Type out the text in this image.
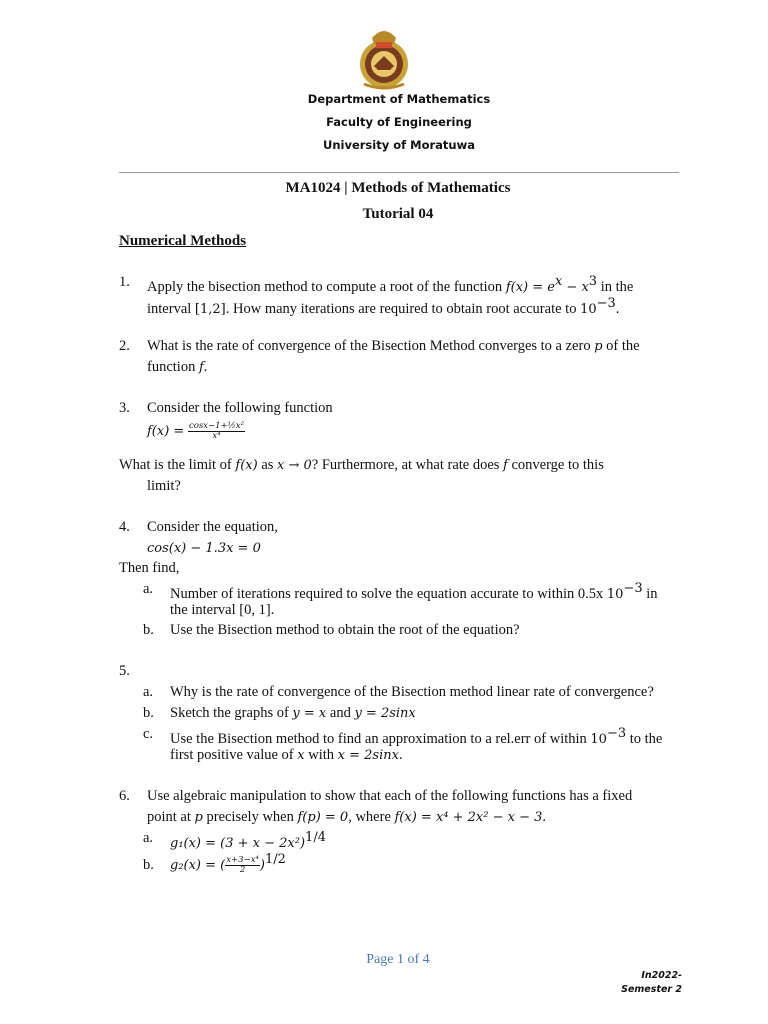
Department of Mathematics
Faculty of Engineering
University of Moratuwa
MA1024 | Methods of Mathematics
Tutorial 04
Numerical Methods
1. Apply the bisection method to compute a root of the function $f(x) = e^x - x^3$ in the
interval [1,2]. How many iterations are required to obtain root accurate to $10^{-3}$.
2. What is the rate of convergence of the Bisection Method converges to a zero p of the
function f.
3. Consider the following function
$f(x) = \frac{\text{cosx−1+½x²}}{\text{x⁴}}$
What is the limit of f(x) as x → 0? Furthermore, at what rate does f converge to this
limit?
4. Consider the equation,
cos(x) − 1.3x = 0
Then find,
a. Number of iterations required to solve the equation accurate to within 0.5x $10^{-3}$ in
the interval [0, 1].
b. Use the Bisection method to obtain the root of the equation?
5.
a. Why is the rate of convergence of the Bisection method linear rate of convergence?
b. Sketch the graphs of y = x and y = 2sinx
c. Use the Bisection method to find an approximation to a rel.err of within $10^{-3}$ to the
first positive value of x with x = 2sinx.
6. Use algebraic manipulation to show that each of the following functions has a fixed
point at p precisely when f(p) = 0, where f(x) = x⁴ + 2x² − x − 3.
a. $g_1(x) = (3 + x - 2x^2)^{1/4}$
b. g₂(x) = ( $\frac{\text{x+3−x⁴}}{2} )^{1/2}$
Page 1 of 4
In2022-
Semester 2
